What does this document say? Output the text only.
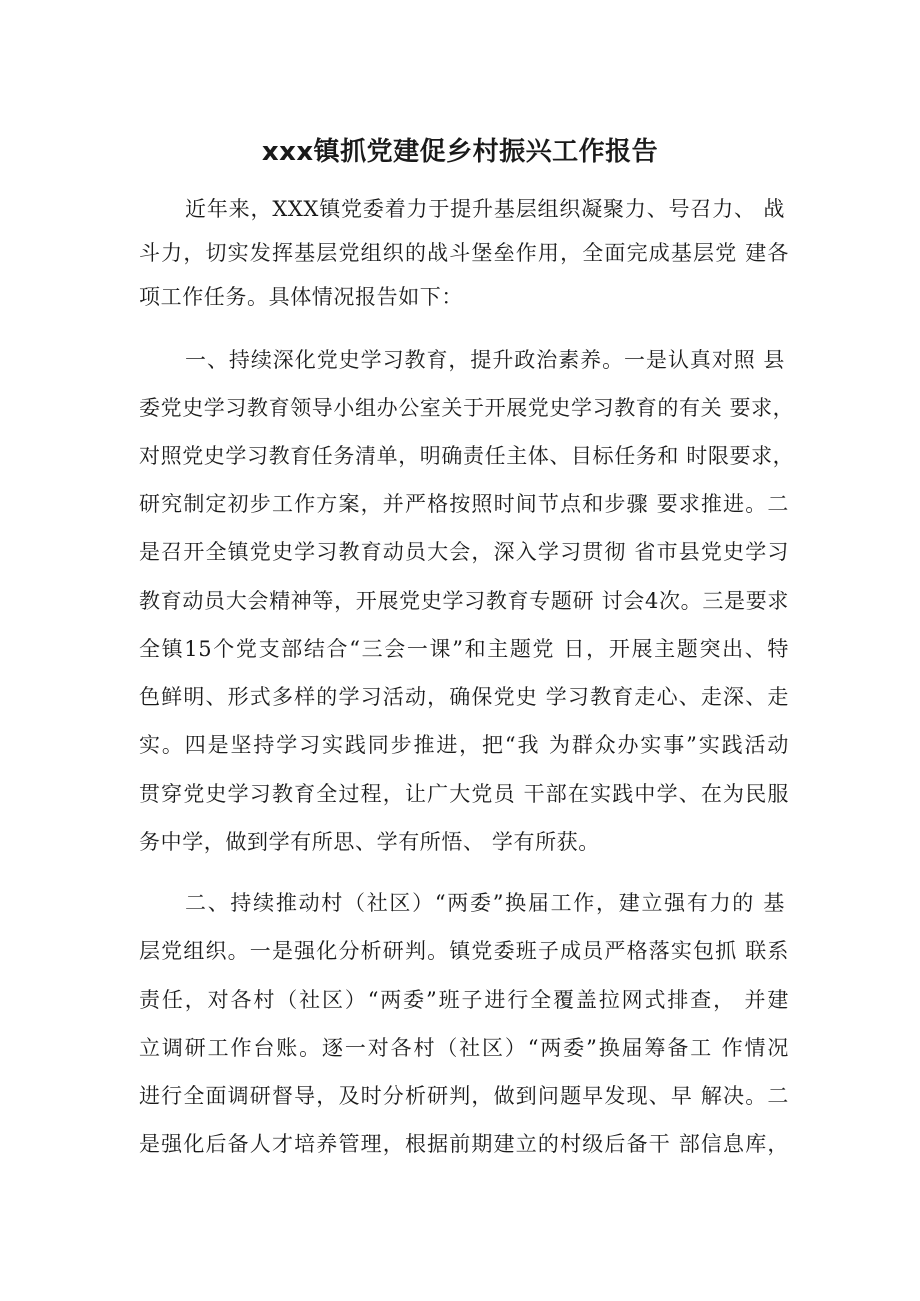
xxx镇抓党建促乡村振兴工作报告
近年来，XXX镇党委着力于提升基层组织凝聚力、号召力、 战
斗力，切实发挥基层党组织的战斗堡垒作用，全面完成基层党 建各
项工作任务。具体情况报告如下：
一、持续深化党史学习教育，提升政治素养。一是认真对照 县
委党史学习教育领导小组办公室关于开展党史学习教育的有关 要求，
对照党史学习教育任务清单，明确责任主体、目标任务和 时限要求，
研究制定初步工作方案，并严格按照时间节点和步骤 要求推进。二
是召开全镇党史学习教育动员大会，深入学习贯彻 省市县党史学习
教育动员大会精神等，开展党史学习教育专题研 讨会4次。三是要求
全镇15个党支部结合“三会一课”和主题党 日，开展主题突出、特
色鲜明、形式多样的学习活动，确保党史 学习教育走心、走深、走
实。四是坚持学习实践同步推进，把“我 为群众办实事”实践活动
贯穿党史学习教育全过程，让广大党员 干部在实践中学、在为民服
务中学，做到学有所思、学有所悟、 学有所获。
二、持续推动村（社区）“两委”换届工作，建立强有力的 基
层党组织。一是强化分析研判。镇党委班子成员严格落实包抓 联系
责任，对各村（社区）“两委”班子进行全覆盖拉网式排查， 并建
立调研工作台账。逐一对各村（社区）“两委”换届筹备工 作情况
进行全面调研督导，及时分析研判，做到问题早发现、早 解决。二
是强化后备人才培养管理，根据前期建立的村级后备干 部信息库，
